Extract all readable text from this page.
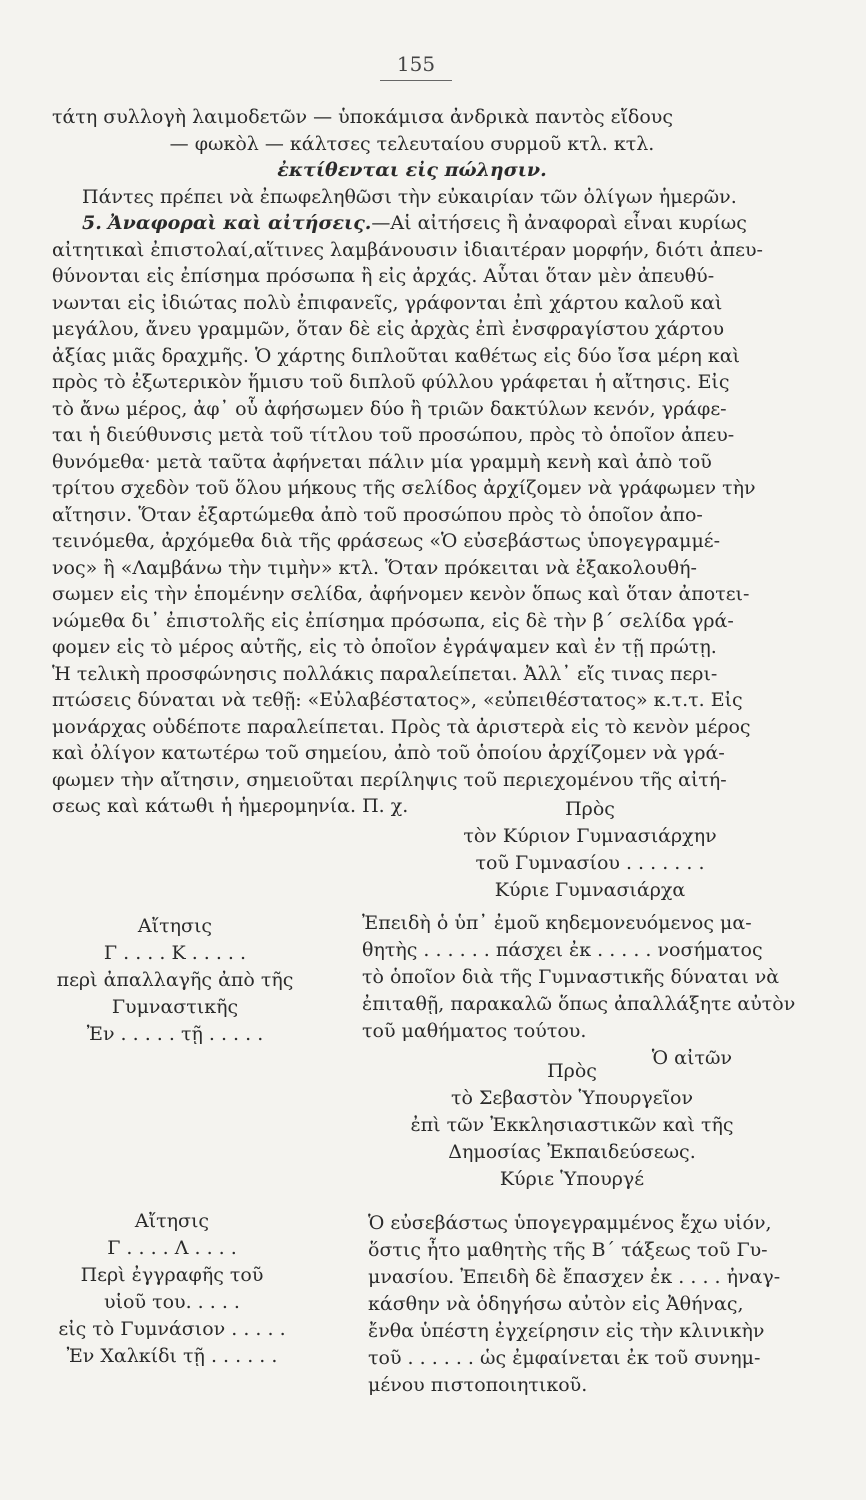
155
τάτη συλλογὴ λαιμοδετῶν — ὑποκάμισα ἀνδρικὰ παντὸς εἴδους
— φωκὸλ — κάλτσες τελευταίου συρμοῦ κτλ. κτλ.
ἐκτίθενται εἰς πώλησιν.
Πάντες πρέπει νὰ ἐπωφεληθῶσι τὴν εὐκαιρίαν τῶν ὀλίγων ἡμερῶν.
5. Ἀναφοραὶ καὶ αἰτήσεις.—Αἱ αἰτήσεις ἢ ἀναφοραὶ εἶναι κυρίως
αἰτητικαὶ ἐπιστολαί,αἵτινες λαμβάνουσιν ἰδιαιτέραν μορφήν, διότι ἀπευ-
θύνονται εἰς ἐπίσημα πρόσωπα ἢ εἰς ἀρχάς. Αὗται ὅταν μὲν ἀπευθύ-
νωνται εἰς ἰδιώτας πολὺ ἐπιφανεῖς, γράφονται ἐπὶ χάρτου καλοῦ καὶ
μεγάλου, ἄνευ γραμμῶν, ὅταν δὲ εἰς ἀρχὰς ἐπὶ ἐνσφραγίστου χάρτου
ἀξίας μιᾶς δραχμῆς. Ὁ χάρτης διπλοῦται καθέτως εἰς δύο ἴσα μέρη καὶ
πρὸς τὸ ἐξωτερικὸν ἥμισυ τοῦ διπλοῦ φύλλου γράφεται ἡ αἴτησις. Εἰς
τὸ ἄνω μέρος, ἀφ᾿ οὗ ἀφήσωμεν δύο ἢ τριῶν δακτύλων κενόν, γράφε-
ται ἡ διεύθυνσις μετὰ τοῦ τίτλου τοῦ προσώπου, πρὸς τὸ ὁποῖον ἀπευ-
θυνόμεθα· μετὰ ταῦτα ἀφήνεται πάλιν μία γραμμὴ κενὴ καὶ ἀπὸ τοῦ
τρίτου σχεδὸν τοῦ ὅλου μήκους τῆς σελίδος ἀρχίζομεν νὰ γράφωμεν τὴν
αἴτησιν. Ὅταν ἐξαρτώμεθα ἀπὸ τοῦ προσώπου πρὸς τὸ ὁποῖον ἀπο-
τεινόμεθα, ἀρχόμεθα διὰ τῆς φράσεως «Ὁ εὐσεβάστως ὑπογεγραμμέ-
νος» ἢ «Λαμβάνω τὴν τιμὴν» κτλ. Ὅταν πρόκειται νὰ ἐξακολουθή-
σωμεν εἰς τὴν ἑπομένην σελίδα, ἀφήνομεν κενὸν ὅπως καὶ ὅταν ἀποτει-
νώμεθα δι᾿ ἐπιστολῆς εἰς ἐπίσημα πρόσωπα, εἰς δὲ τὴν β΄ σελίδα γρά-
φομεν εἰς τὸ μέρος αὐτῆς, εἰς τὸ ὁποῖον ἐγράψαμεν καὶ ἐν τῇ πρώτῃ.
Ἡ τελικὴ προσφώνησις πολλάκις παραλείπεται. Ἀλλ᾿ εἴς τινας περι-
πτώσεις δύναται νὰ τεθῇ: «Εὐλαβέστατος», «εὐπειθέστατος» κ.τ.τ. Εἰς
μονάρχας οὐδέποτε παραλείπεται. Πρὸς τὰ ἀριστερὰ εἰς τὸ κενὸν μέρος
καὶ ὀλίγον κατωτέρω τοῦ σημείου, ἀπὸ τοῦ ὁποίου ἀρχίζομεν νὰ γρά-
φωμεν τὴν αἴτησιν, σημειοῦται περίληψις τοῦ περιεχομένου τῆς αἰτή-
σεως καὶ κάτωθι ἡ ἡμερομηνία. Π. χ.	Πρὸς
τὸν Κύριον Γυμνασιάρχην
τοῦ Γυμνασίου . . . . . . .
Κύριε Γυμνασιάρχα
Αἴτησις
Γ . . . . Κ . . . . .
περὶ ἀπαλλαγῆς ἀπὸ τῆς
Γυμναστικῆς
Ἐν . . . . . τῇ . . . . .
Ἐπειδὴ ὁ ὑπ᾿ ἐμοῦ κηδεμονευόμενος μα-
θητὴς . . . . . . πάσχει ἐκ . . . . . νοσήματος
τὸ ὁποῖον διὰ τῆς Γυμναστικῆς δύναται νὰ
ἐπιταθῇ, παρακαλῶ ὅπως ἀπαλλάξητε αὐτὸν
τοῦ μαθήματος τούτου.
Ὁ αἰτῶν
Πρὸς
τὸ Σεβαστὸν Ὑπουργεῖον
ἐπὶ τῶν Ἐκκλησιαστικῶν καὶ τῆς
Δημοσίας Ἐκπαιδεύσεως.
Κύριε Ὑπουργέ
Αἴτησις
Γ . . . . Λ . . . .
Περὶ ἐγγραφῆς τοῦ
υἱοῦ του. . . . .
εἰς τὸ Γυμνάσιον . . . . .
Ἐν Χαλκίδι τῇ . . . . . .
Ὁ εὐσεβάστως ὑπογεγραμμένος ἔχω υἱόν,
ὅστις ἦτο μαθητὴς τῆς Β΄ τάξεως τοῦ Γυ-
μνασίου. Ἐπειδὴ δὲ ἔπασχεν ἐκ . . . . ἠναγ-
κάσθην νὰ ὁδηγήσω αὐτὸν εἰς Ἀθήνας,
ἔνθα ὑπέστη ἐγχείρησιν εἰς τὴν κλινικὴν
τοῦ . . . . . . ὡς ἐμφαίνεται ἐκ τοῦ συνημ-
μένου πιστοποιητικοῦ.
